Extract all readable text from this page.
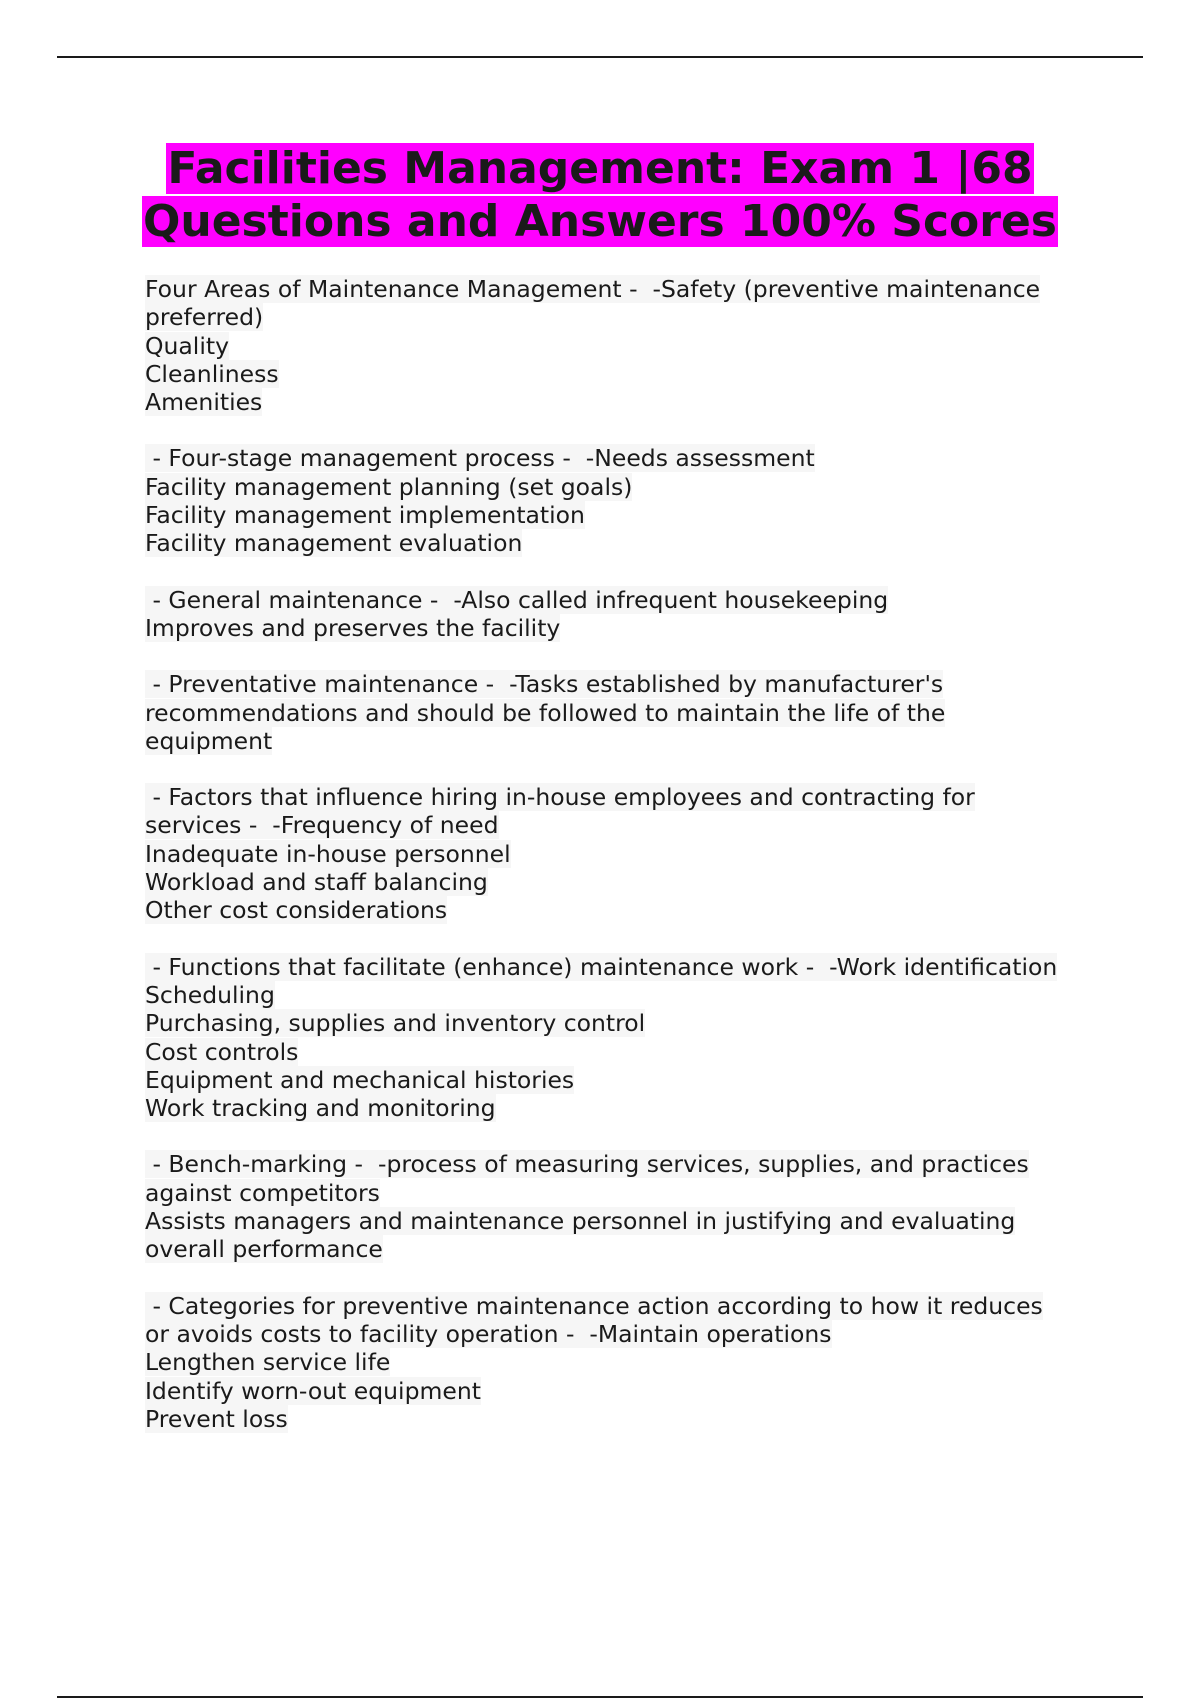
Facilities Management: Exam 1 |68
Questions and Answers 100% Scores
Four Areas of Maintenance Management -  -Safety (preventive maintenance
preferred)
Quality
Cleanliness
Amenities
- Four-stage management process -  -Needs assessment
Facility management planning (set goals)
Facility management implementation
Facility management evaluation
- General maintenance -  -Also called infrequent housekeeping
Improves and preserves the facility
- Preventative maintenance -  -Tasks established by manufacturer's
recommendations and should be followed to maintain the life of the
equipment
- Factors that influence hiring in-house employees and contracting for
services -  -Frequency of need
Inadequate in-house personnel
Workload and staff balancing
Other cost considerations
- Functions that facilitate (enhance) maintenance work -  -Work identification
Scheduling
Purchasing, supplies and inventory control
Cost controls
Equipment and mechanical histories
Work tracking and monitoring
- Bench-marking -  -process of measuring services, supplies, and practices
against competitors
Assists managers and maintenance personnel in justifying and evaluating
overall performance
- Categories for preventive maintenance action according to how it reduces
or avoids costs to facility operation -  -Maintain operations
Lengthen service life
Identify worn-out equipment
Prevent loss
